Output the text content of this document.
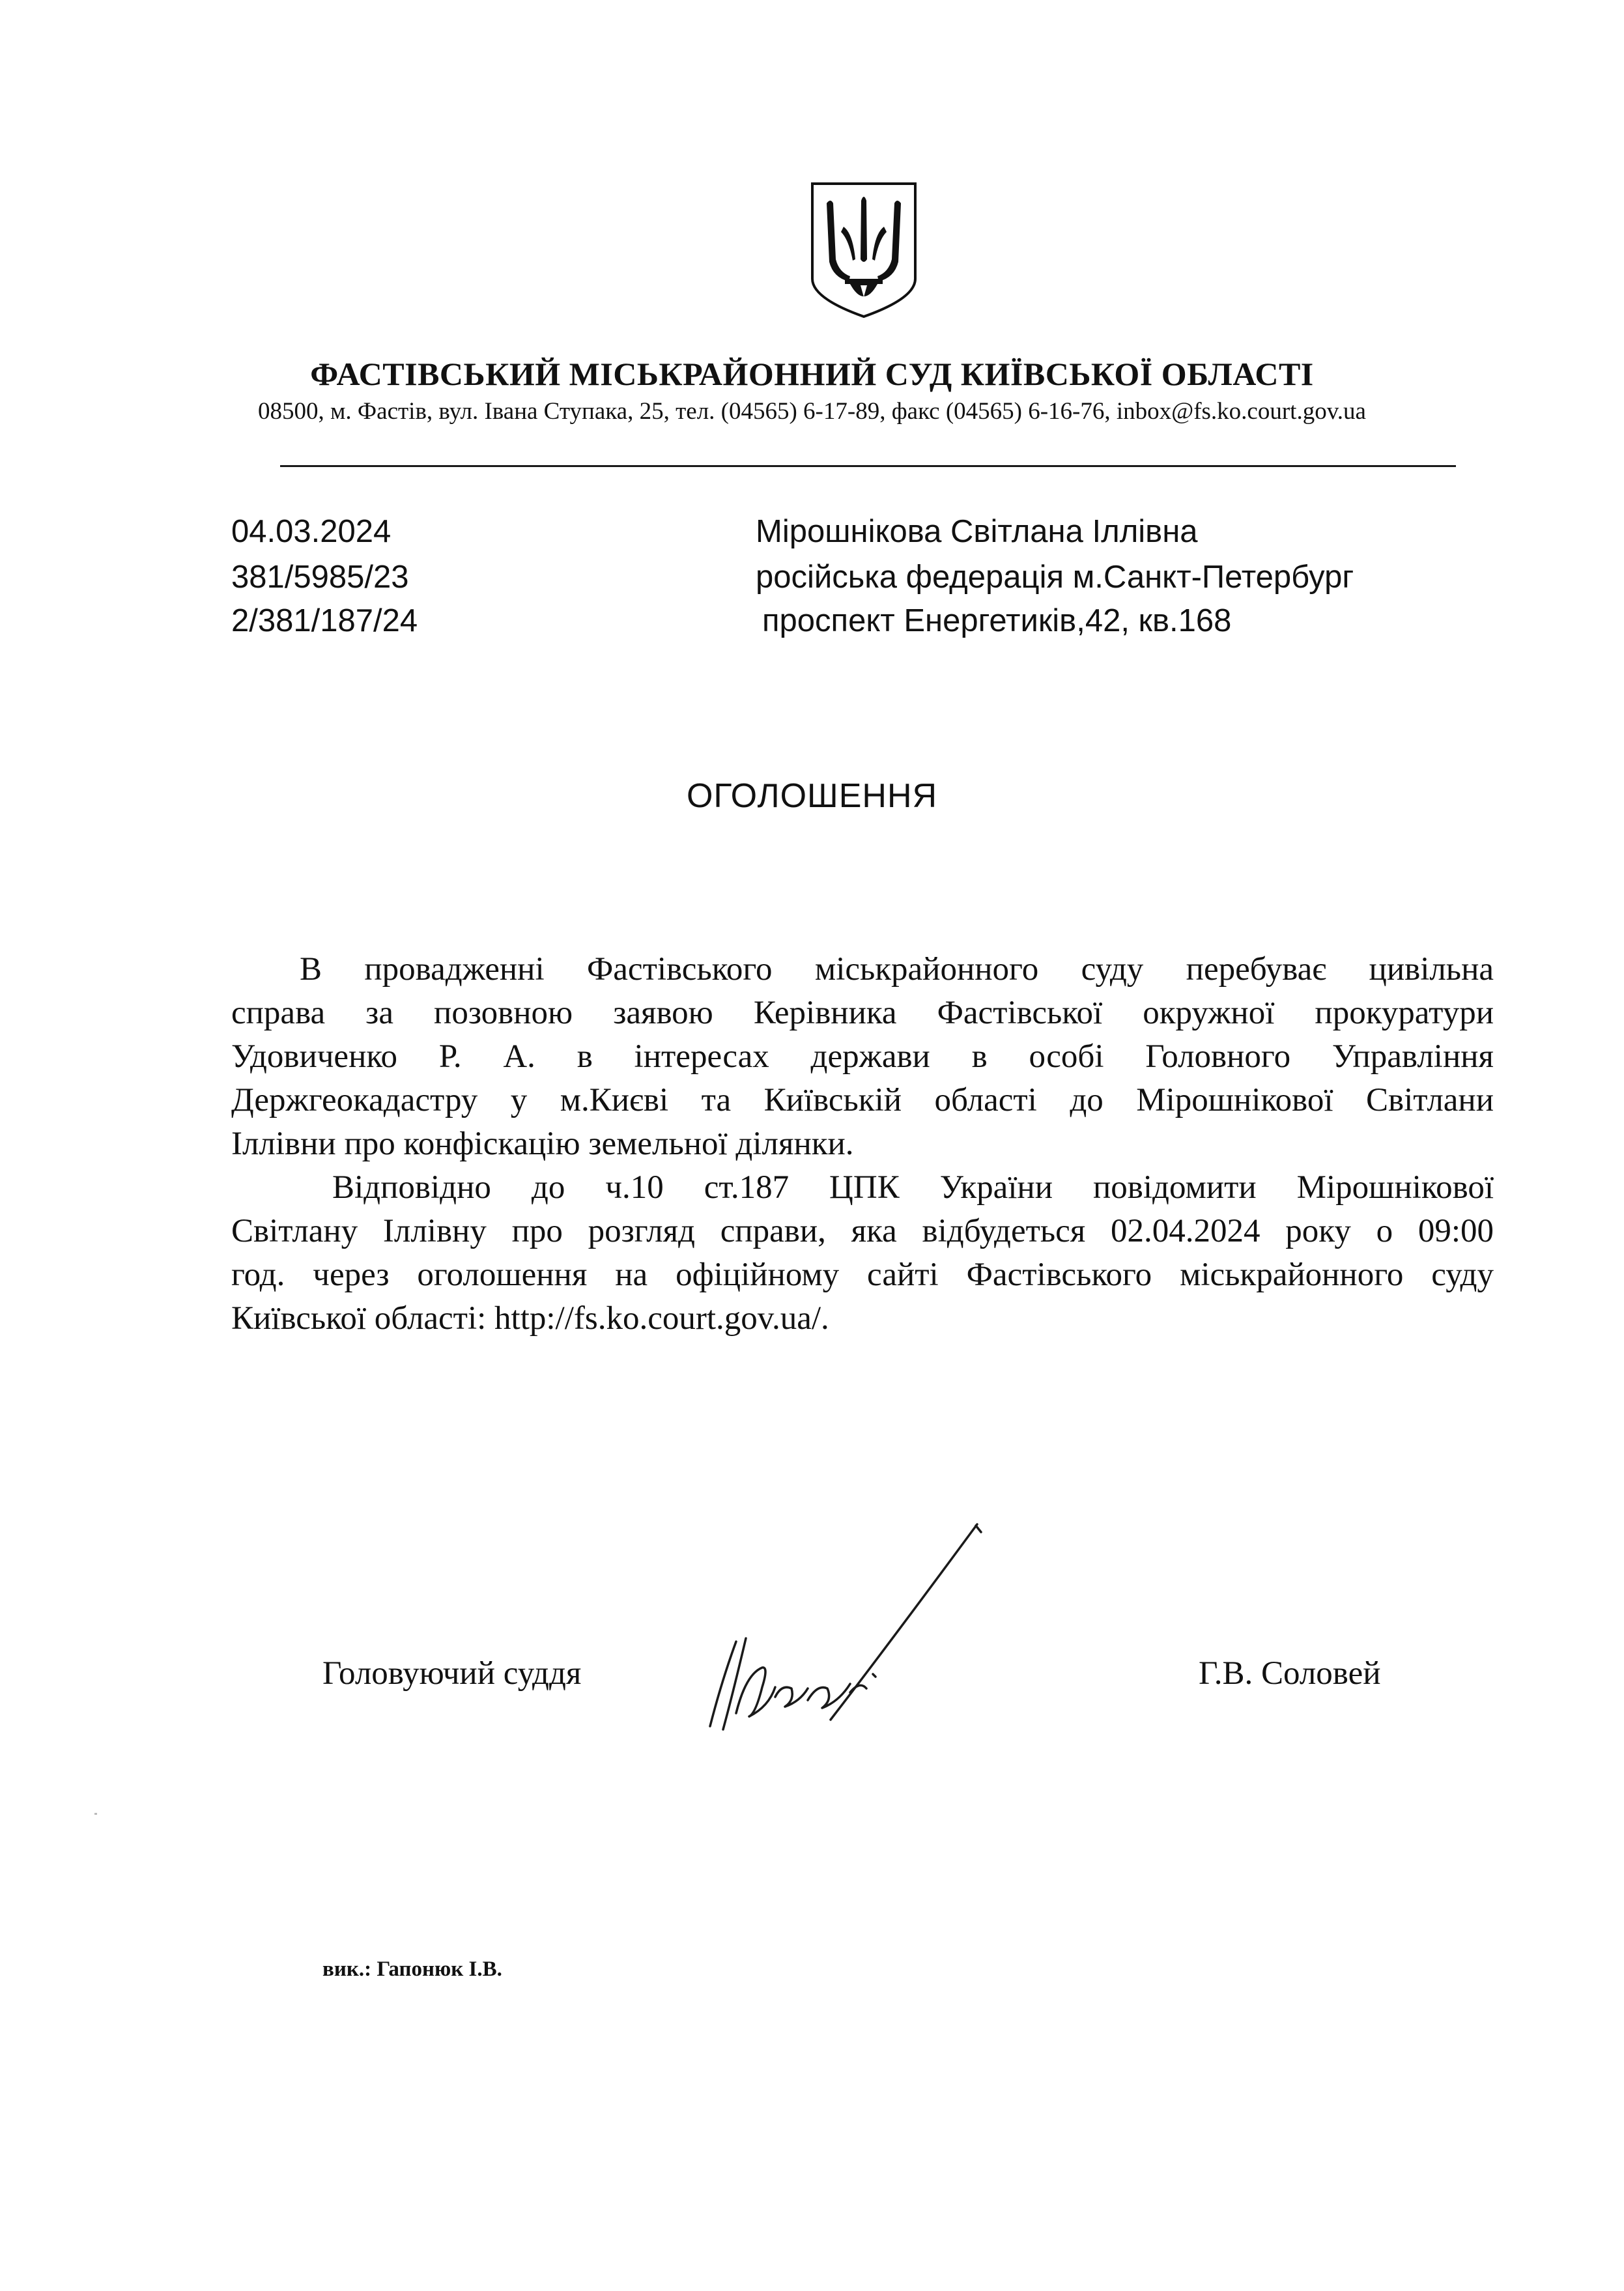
ФАСТІВСЬКИЙ МІСЬКРАЙОННИЙ СУД КИЇВСЬКОЇ ОБЛАСТІ
08500, м. Фастів, вул. Івана Ступака, 25, тел. (04565) 6-17-89, факс (04565) 6-16-76, inbox@fs.ko.court.gov.ua
04.03.2024
381/5985/23
2/381/187/24
Мірошнікова Світлана Іллівна
російська федерація м.Санкт-Петербург
проспект Енергетиків,42, кв.168
ОГОЛОШЕННЯ
В провадженні Фастівського міськрайонного суду перебуває цивільна
справа за позовною заявою Керівника Фастівської окружної прокуратури
Удовиченко Р. А. в інтересах держави в особі Головного Управління
Держгеокадастру у м.Києві та Київській області до Мірошнікової Світлани
Іллівни про конфіскацію земельної ділянки.
Відповідно до ч.10 ст.187 ЦПК України повідомити Мірошнікової
Світлану Іллівну про розгляд справи, яка відбудеться 02.04.2024 року о 09:00
год. через оголошення на офіційному сайті Фастівського міськрайонного суду
Київської області: http://fs.ko.court.gov.ua/.
Головуючий суддя	Г.В. Соловей
вик.: Гапонюк І.В.
